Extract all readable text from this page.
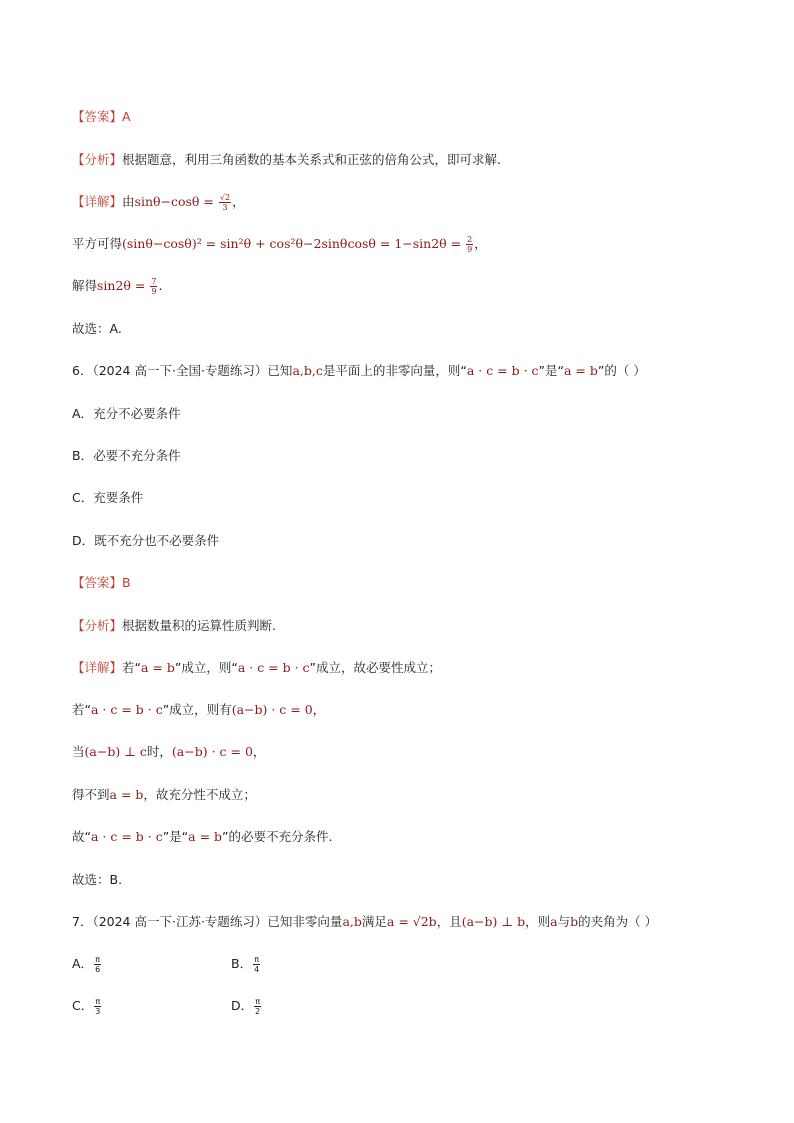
【答案】A
【分析】根据题意，利用三角函数的基本关系式和正弦的倍角公式，即可求解.
【详解】由$\sin\theta-\cos\theta = \frac{√2}{3}$ ，
平方可得$(\sin\theta-\cos\theta)^2 = \sin^2\theta + \cos^2\theta-2\sin\theta\cos\theta = 1-\sin 2\theta = \frac{2}{9}$ ，
解得$\sin 2\theta = \frac{7}{9}$ .
故选：A.
6．（2024 高一下·全国·专题练习）已知a,b,c是平面上的非零向量，则“a · c = b · c”是“a = b”的（ ）
A．充分不必要条件
B．必要不充分条件
C．充要条件
D．既不充分也不必要条件
【答案】B
【分析】根据数量积的运算性质判断.
【详解】若“a = b”成立，则“a · c = b · c”成立，故必要性成立；
若“a · c = b · c”成立，则有(a−b) · c = 0，
当(a−b) ⊥ c时，(a−b) · c = 0，
得不到a = b，故充分性不成立；
故“a · c = b · c”是“a = b”的必要不充分条件.
故选：B.
7．（2024 高一下·江苏·专题练习）已知非零向量a,b满足a = √2b，且(a−b) ⊥ b，则a与b的夹角为（ ）
A． $\frac{\pi}{6}$	B． $\frac{\pi}{4}$
C． $\frac{\pi}{3}$	D． $\frac{\pi}{2}$
